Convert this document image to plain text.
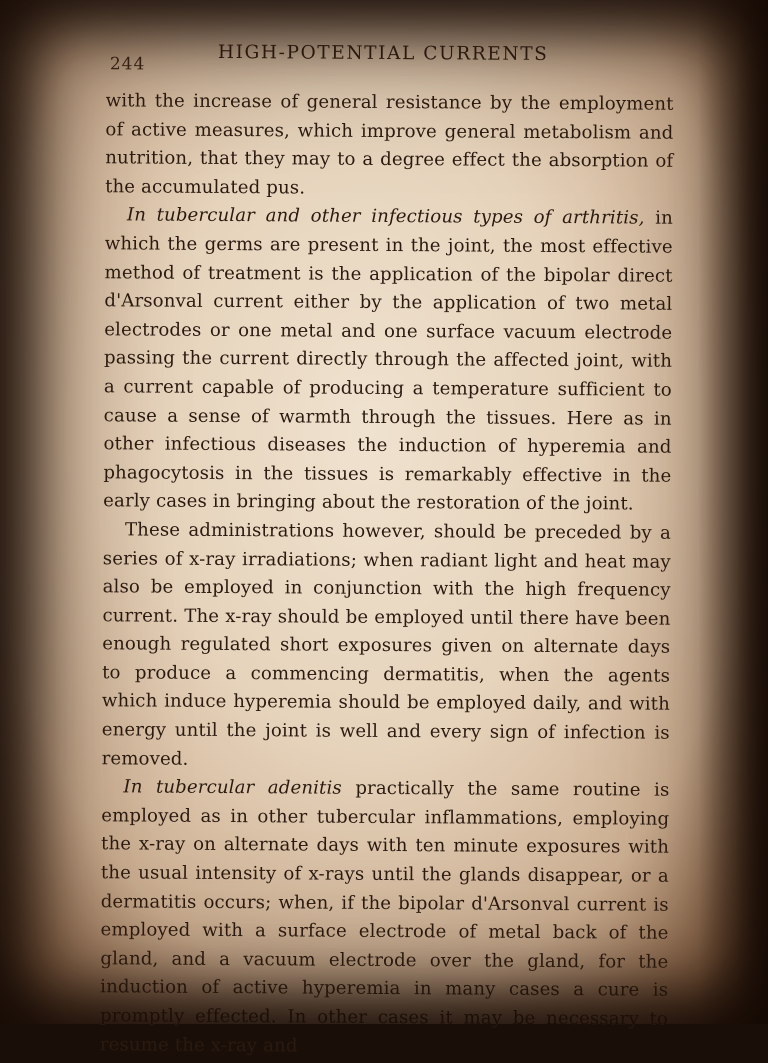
244	HIGH-POTENTIAL CURRENTS

with the increase of general resistance by the employment of active measures, which improve general metabolism and nutrition, that they may to a degree effect the absorption of the accumulated pus.

In tubercular and other infectious types of arthritis, in which the germs are present in the joint, the most effective method of treatment is the application of the bipolar direct d'Arsonval current either by the application of two metal electrodes or one metal and one surface vacuum electrode passing the current directly through the affected joint, with a current capable of producing a temperature sufficient to cause a sense of warmth through the tissues. Here as in other infectious diseases the induction of hyperemia and phagocytosis in the tissues is remarkably effective in the early cases in bringing about the restoration of the joint.

These administrations however, should be preceded by a series of x-ray irradiations; when radiant light and heat may also be employed in conjunction with the high frequency current. The x-ray should be employed until there have been enough regulated short exposures given on alternate days to produce a commencing dermatitis, when the agents which induce hyperemia should be employed daily, and with energy until the joint is well and every sign of infection is removed.

In tubercular adenitis practically the same routine is employed as in other tubercular inflammations, employing the x-ray on alternate days with ten minute exposures with the usual intensity of x-rays until the glands disappear, or a dermatitis occurs; when, if the bipolar d'Arsonval current is employed with a surface electrode of metal back of the gland, and a vacuum electrode over the gland, for the induction of active hyperemia in many cases a cure is promptly effected. In other cases it may be necessary to resume the x-ray and
